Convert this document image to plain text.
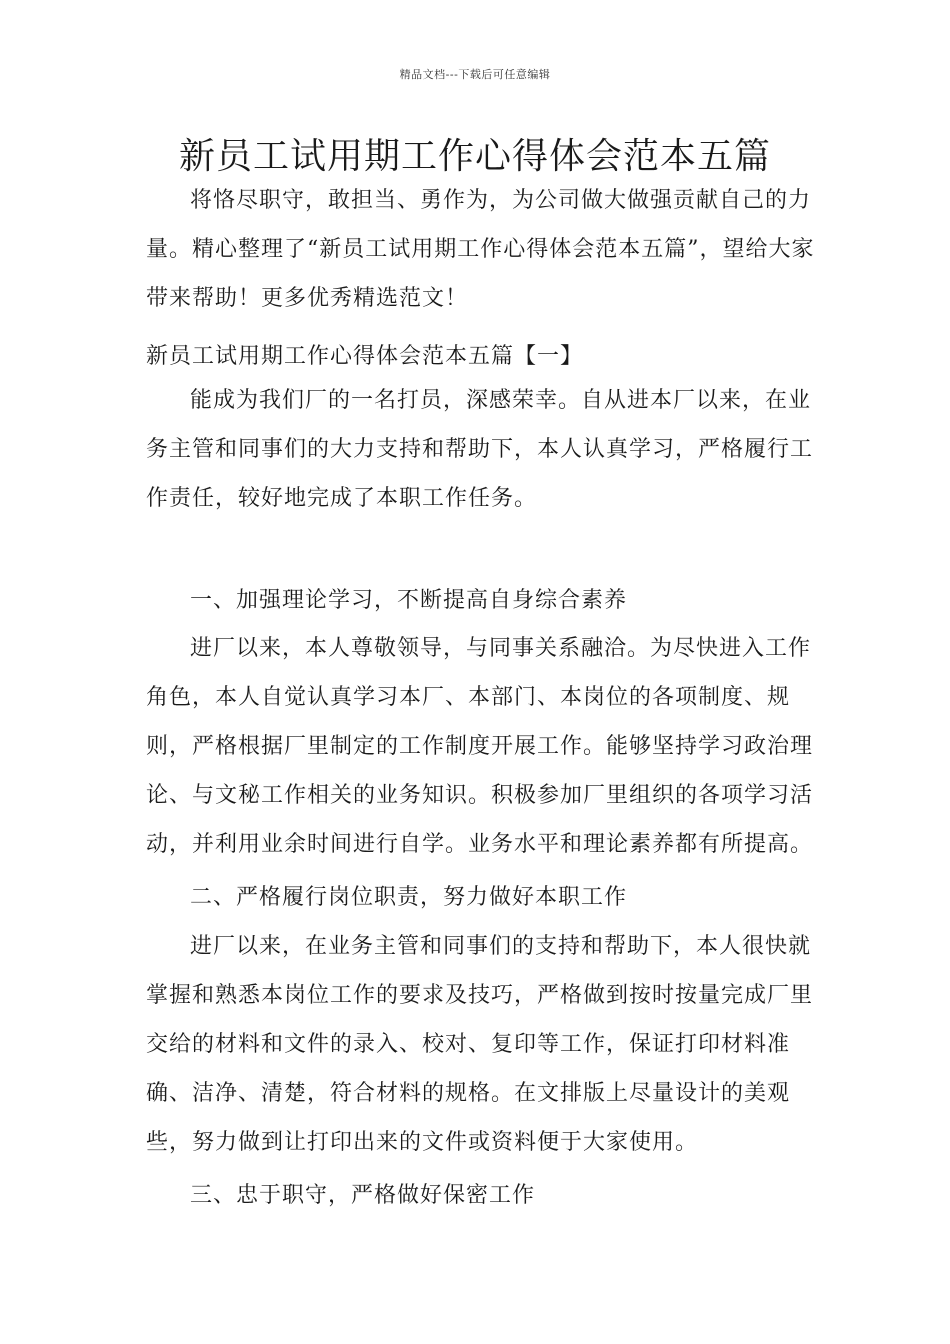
精品文档---下载后可任意编辑
新员工试用期工作心得体会范本五篇

将恪尽职守，敢担当、勇作为，为公司做大做强贡献自己的力量。精心整理了“新员工试用期工作心得体会范本五篇”，望给大家带来帮助！更多优秀精选范文！

新员工试用期工作心得体会范本五篇【一】

能成为我们厂的一名打员，深感荣幸。自从进本厂以来，在业务主管和同事们的大力支持和帮助下，本人认真学习，严格履行工作责任，较好地完成了本职工作任务。

一、加强理论学习，不断提高自身综合素养

进厂以来，本人尊敬领导，与同事关系融洽。为尽快进入工作角色，本人自觉认真学习本厂、本部门、本岗位的各项制度、规则，严格根据厂里制定的工作制度开展工作。能够坚持学习政治理论、与文秘工作相关的业务知识。积极参加厂里组织的各项学习活动，并利用业余时间进行自学。业务水平和理论素养都有所提高。

二、严格履行岗位职责，努力做好本职工作

进厂以来，在业务主管和同事们的支持和帮助下，本人很快就掌握和熟悉本岗位工作的要求及技巧，严格做到按时按量完成厂里交给的材料和文件的录入、校对、复印等工作，保证打印材料准确、洁净、清楚，符合材料的规格。在文排版上尽量设计的美观些，努力做到让打印出来的文件或资料便于大家使用。

三、忠于职守，严格做好保密工作
